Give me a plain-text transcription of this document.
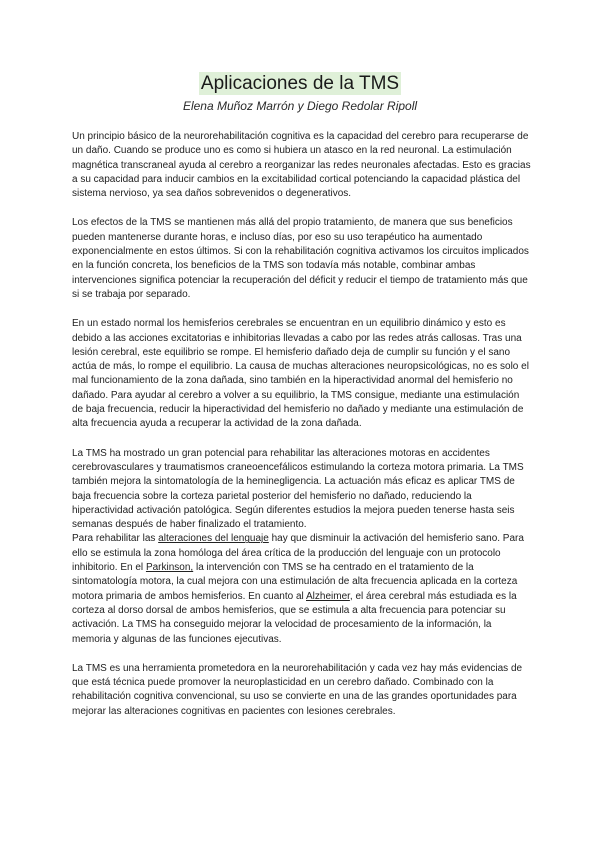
Aplicaciones de la TMS
Elena Muñoz Marrón y Diego Redolar Ripoll

Un principio básico de la neurorehabilitación cognitiva es la capacidad del cerebro para recuperarse de un daño. Cuando se produce uno es como si hubiera un atasco en la red neuronal. La estimulación magnética transcraneal ayuda al cerebro a reorganizar las redes neuronales afectadas. Esto es gracias a su capacidad para inducir cambios en la excitabilidad cortical potenciando la capacidad plástica del sistema nervioso, ya sea daños sobrevenidos o degenerativos.

Los efectos de la TMS se mantienen más allá del propio tratamiento, de manera que sus beneficios pueden mantenerse durante horas, e incluso días, por eso su uso terapéutico ha aumentado exponencialmente en estos últimos. Si con la rehabilitación cognitiva activamos los circuitos implicados en la función concreta, los beneficios de la TMS son todavía más notable, combinar ambas intervenciones significa potenciar la recuperación del déficit y reducir el tiempo de tratamiento más que si se trabaja por separado.

En un estado normal los hemisferios cerebrales se encuentran en un equilibrio dinámico y esto es debido a las acciones excitatorias e inhibitorias llevadas a cabo por las redes atrás callosas. Tras una lesión cerebral, este equilibrio se rompe. El hemisferio dañado deja de cumplir su función y el sano actúa de más, lo rompe el equilibrio. La causa de muchas alteraciones neuropsicológicas, no es solo el mal funcionamiento de la zona dañada, sino también en la hiperactividad anormal del hemisferio no dañado. Para ayudar al cerebro a volver a su equilibrio, la TMS consigue, mediante una estimulación de baja frecuencia, reducir la hiperactividad del hemisferio no dañado y mediante una estimulación de alta frecuencia ayuda a recuperar la actividad de la zona dañada.

La TMS ha mostrado un gran potencial para rehabilitar las alteraciones motoras en accidentes cerebrovasculares y traumatismos craneoencefálicos estimulando la corteza motora primaria. La TMS también mejora la sintomatología de la heminegligencia. La actuación más eficaz es aplicar TMS de baja frecuencia sobre la corteza parietal posterior del hemisferio no dañado, reduciendo la hiperactividad activación patológica. Según diferentes estudios la mejora pueden tenerse hasta seis semanas después de haber finalizado el tratamiento.

Para rehabilitar las alteraciones del lenguaje hay que disminuir la activación del hemisferio sano. Para ello se estimula la zona homóloga del área crítica de la producción del lenguaje con un protocolo inhibitorio. En el Parkinson, la intervención con TMS se ha centrado en el tratamiento de la sintomatología motora, la cual mejora con una estimulación de alta frecuencia aplicada en la corteza motora primaria de ambos hemisferios. En cuanto al Alzheimer, el área cerebral más estudiada es la corteza al dorso dorsal de ambos hemisferios, que se estimula a alta frecuencia para potenciar su activación. La TMS ha conseguido mejorar la velocidad de procesamiento de la información, la memoria y algunas de las funciones ejecutivas.

La TMS es una herramienta prometedora en la neurorehabilitación y cada vez hay más evidencias de que está técnica puede promover la neuroplasticidad en un cerebro dañado. Combinado con la rehabilitación cognitiva convencional, su uso se convierte en una de las grandes oportunidades para mejorar las alteraciones cognitivas en pacientes con lesiones cerebrales.
